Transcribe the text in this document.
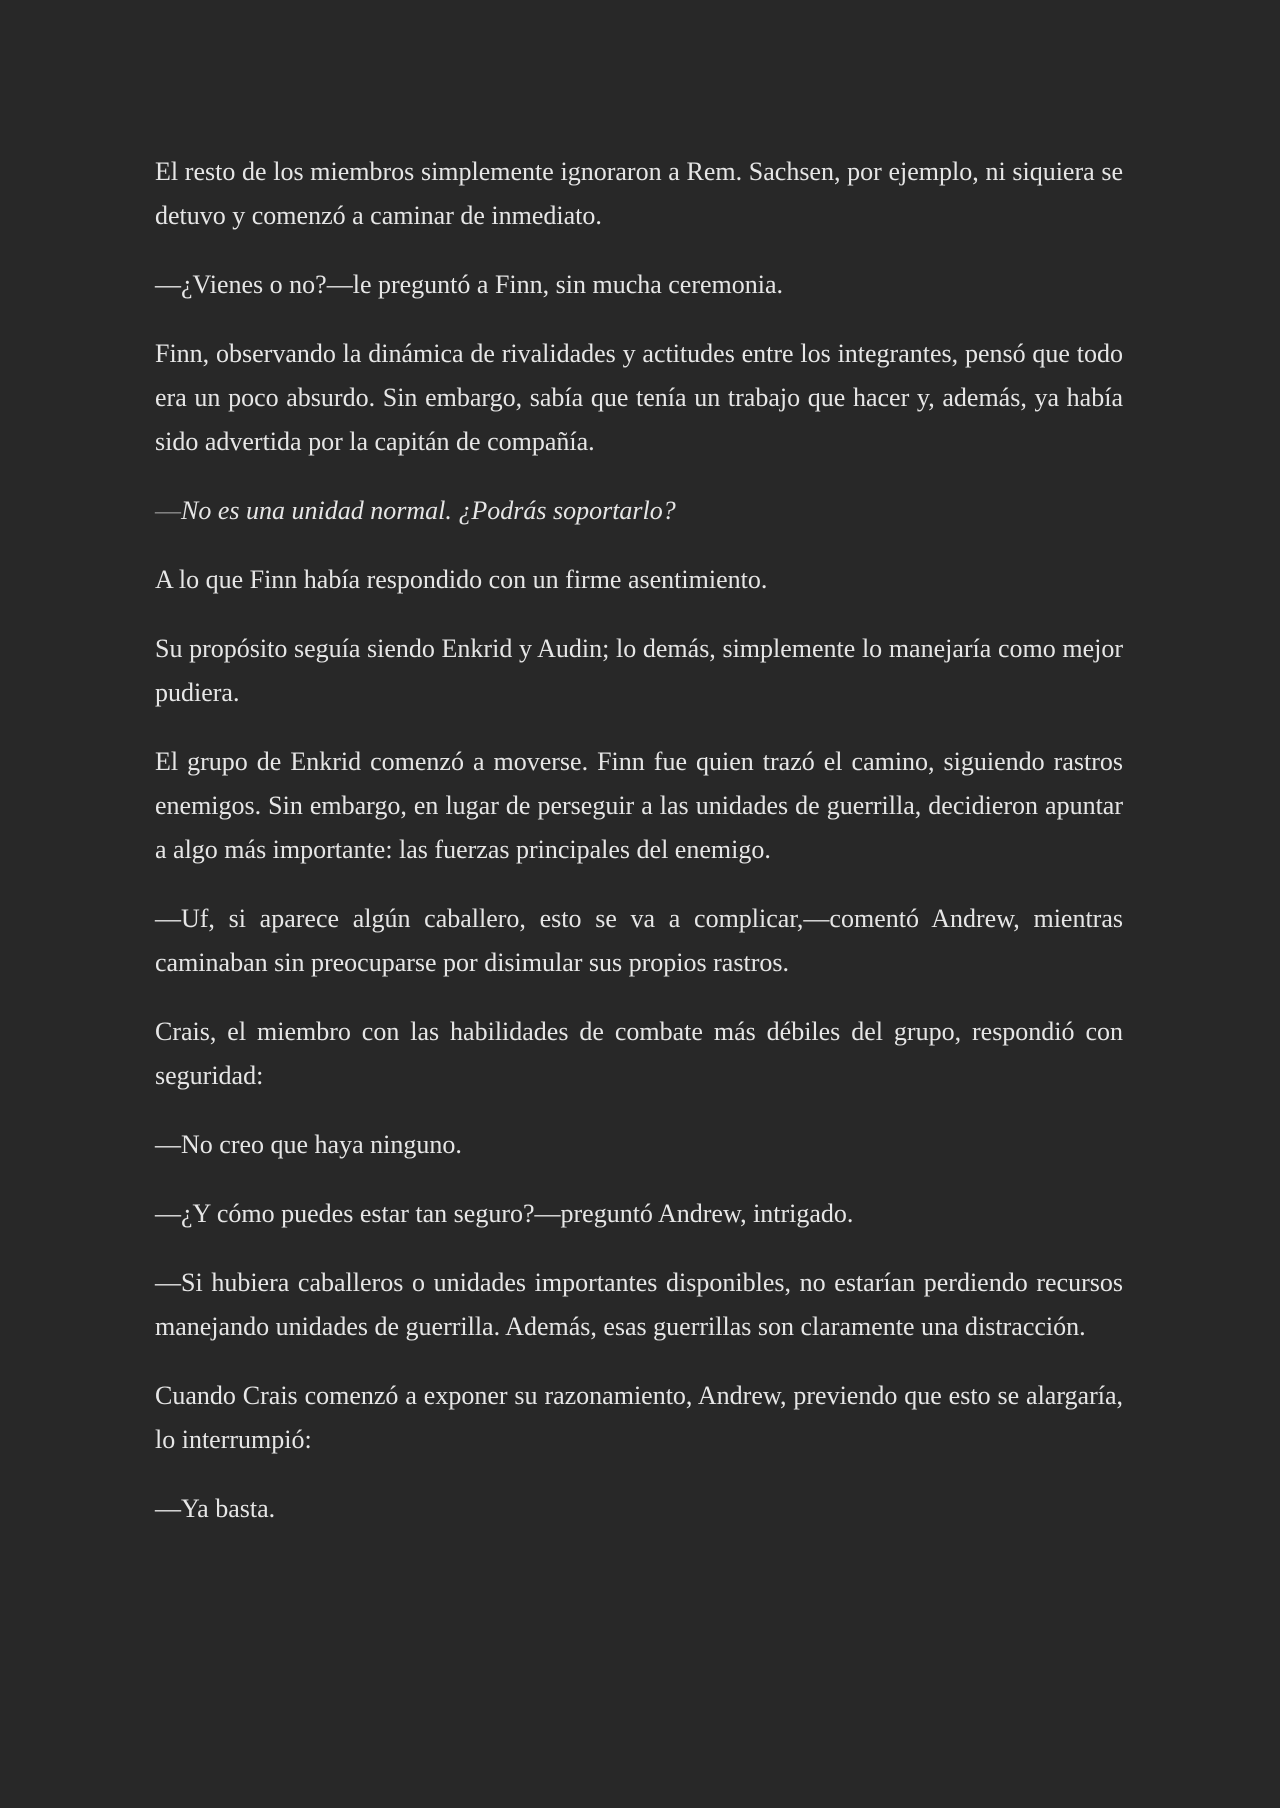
El resto de los miembros simplemente ignoraron a Rem. Sachsen, por ejemplo, ni siquiera se detuvo y comenzó a caminar de inmediato.

—¿Vienes o no?—le preguntó a Finn, sin mucha ceremonia.

Finn, observando la dinámica de rivalidades y actitudes entre los integrantes, pensó que todo era un poco absurdo. Sin embargo, sabía que tenía un trabajo que hacer y, además, ya había sido advertida por la capitán de compañía.

—No es una unidad normal. ¿Podrás soportarlo?

A lo que Finn había respondido con un firme asentimiento.

Su propósito seguía siendo Enkrid y Audin; lo demás, simplemente lo manejaría como mejor pudiera.

El grupo de Enkrid comenzó a moverse. Finn fue quien trazó el camino, siguiendo rastros enemigos. Sin embargo, en lugar de perseguir a las unidades de guerrilla, decidieron apuntar a algo más importante: las fuerzas principales del enemigo.

—Uf, si aparece algún caballero, esto se va a complicar,—comentó Andrew, mientras caminaban sin preocuparse por disimular sus propios rastros.

Crais, el miembro con las habilidades de combate más débiles del grupo, respondió con seguridad:

—No creo que haya ninguno.

—¿Y cómo puedes estar tan seguro?—preguntó Andrew, intrigado.

—Si hubiera caballeros o unidades importantes disponibles, no estarían perdiendo recursos manejando unidades de guerrilla. Además, esas guerrillas son claramente una distracción.

Cuando Crais comenzó a exponer su razonamiento, Andrew, previendo que esto se alargaría, lo interrumpió:

—Ya basta.
